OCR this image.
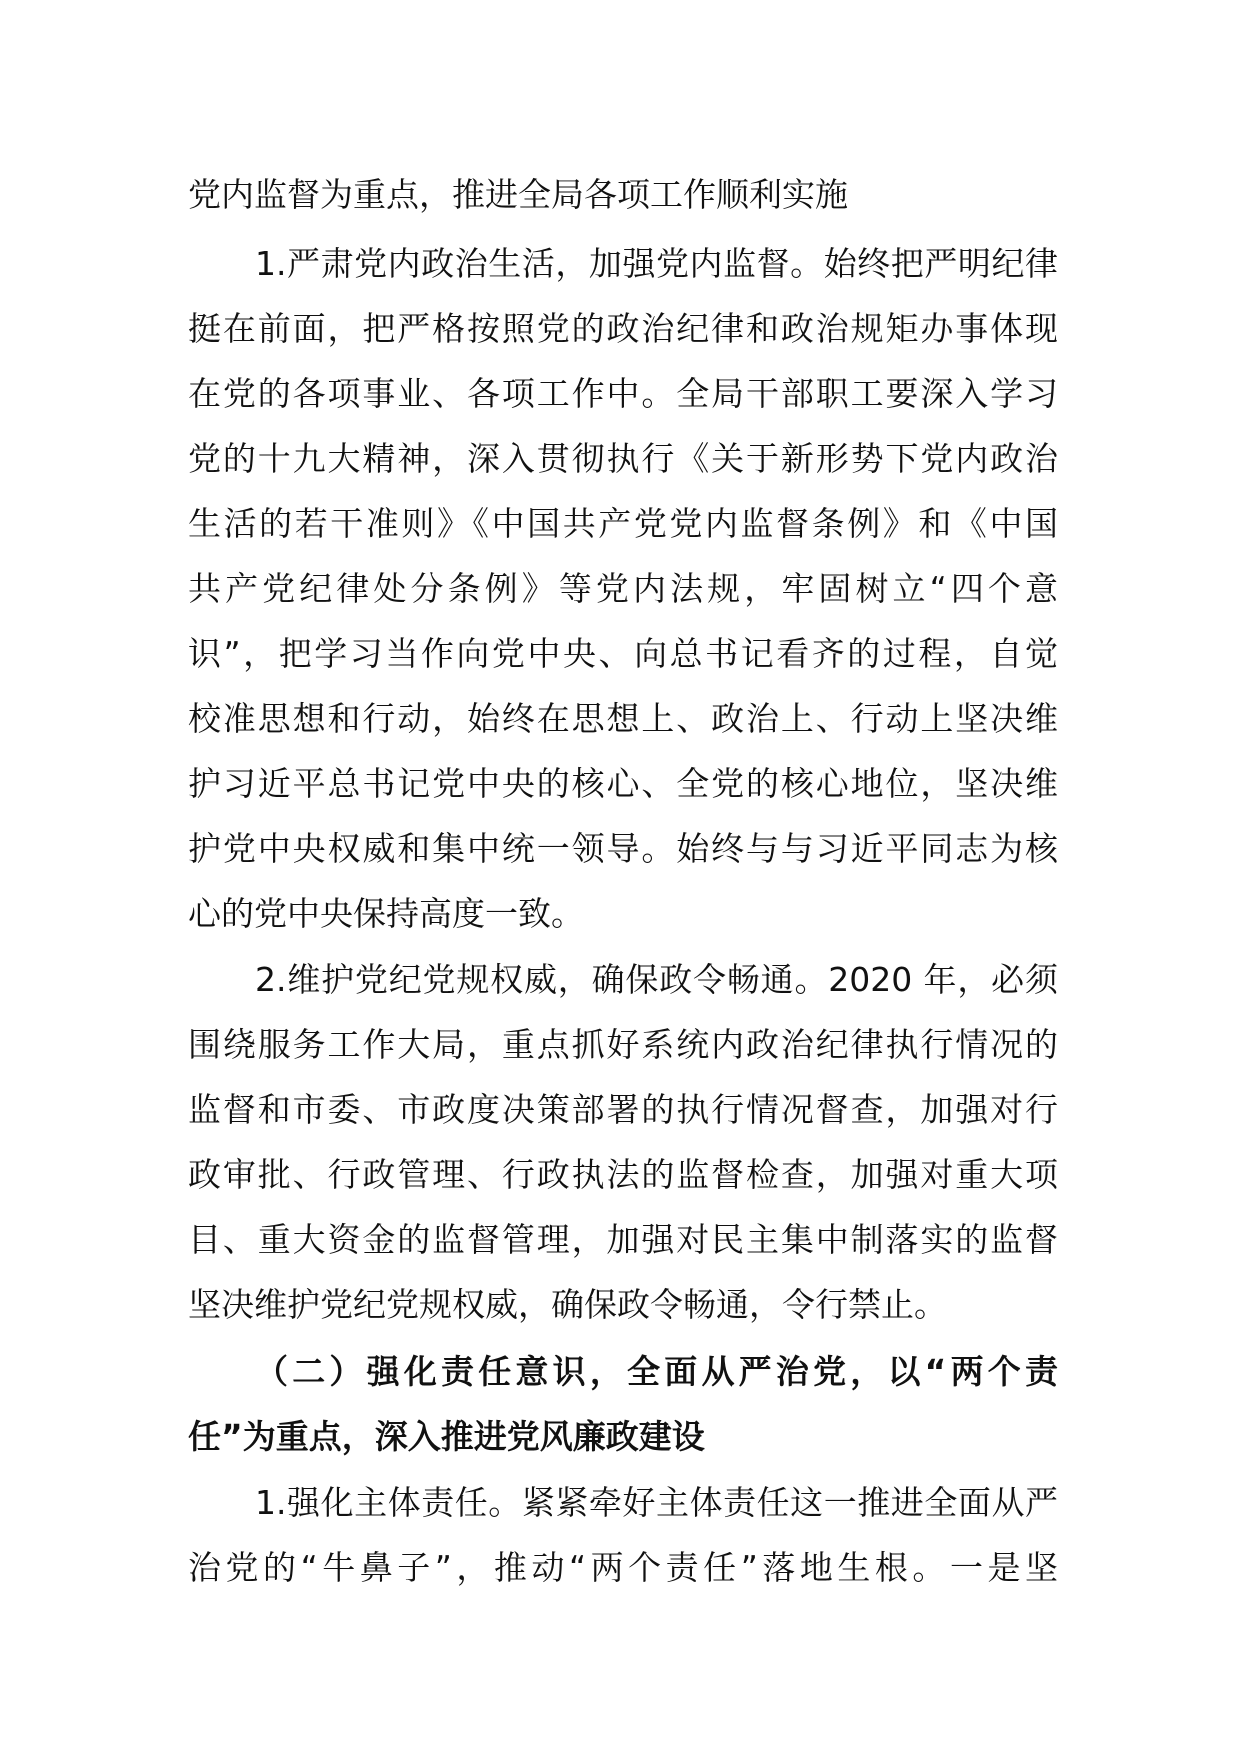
党内监督为重点，推进全局各项工作顺利实施
1.严肃党内政治生活，加强党内监督。始终把严明纪律
挺在前面，把严格按照党的政治纪律和政治规矩办事体现
在党的各项事业、各项工作中。全局干部职工要深入学习
党的十九大精神，深入贯彻执行《关于新形势下党内政治
生活的若干准则》《中国共产党党内监督条例》和《中国
共产党纪律处分条例》等党内法规，牢固树立“四个意
识”，把学习当作向党中央、向总书记看齐的过程，自觉
校准思想和行动，始终在思想上、政治上、行动上坚决维
护习近平总书记党中央的核心、全党的核心地位，坚决维
护党中央权威和集中统一领导。始终与与习近平同志为核
心的党中央保持高度一致。
2.维护党纪党规权威，确保政令畅通。2020 年，必须
围绕服务工作大局，重点抓好系统内政治纪律执行情况的
监督和市委、市政度决策部署的执行情况督查，加强对行
政审批、行政管理、行政执法的监督检查，加强对重大项
目、重大资金的监督管理，加强对民主集中制落实的监督
坚决维护党纪党规权威，确保政令畅通，令行禁止。
（二）强化责任意识，全面从严治党，以“两个责
任”为重点，深入推进党风廉政建设
1.强化主体责任。紧紧牵好主体责任这一推进全面从严
治党的“牛鼻子”，推动“两个责任”落地生根。一是坚
